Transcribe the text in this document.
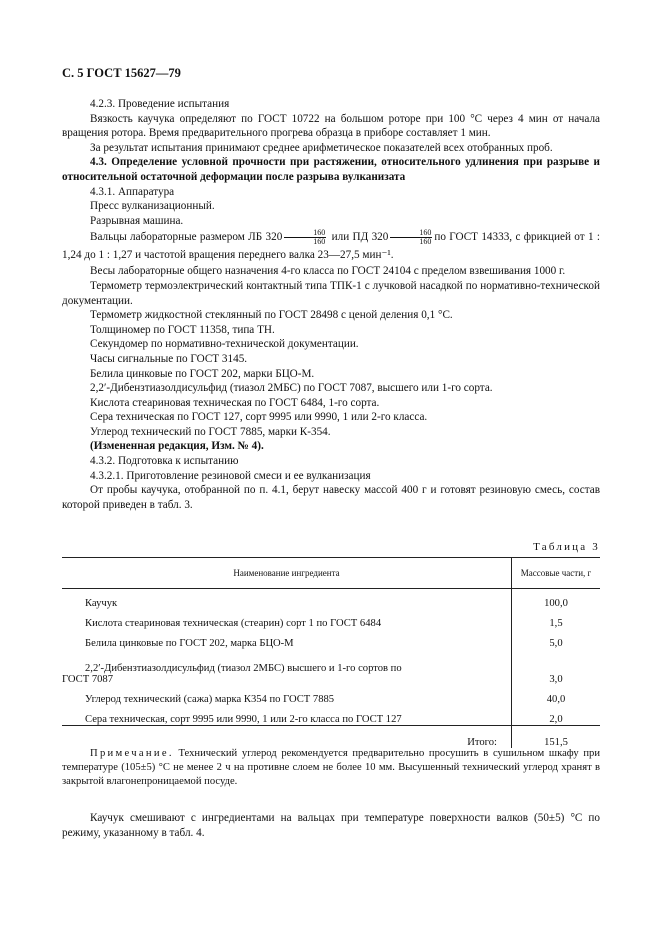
С. 5 ГОСТ 15627—79

4.2.3. Проведение испытания

Вязкость каучука определяют по ГОСТ 10722 на большом роторе при 100 °С через 4 мин от начала вращения ротора. Время предварительного прогрева образца в приборе составляет 1 мин.

За результат испытания принимают среднее арифметическое показателей всех отобранных проб.

4.3. Определение условной прочности при растяжении, относительного удлинения при разрыве и относительной остаточной деформации после разрыва вулканизата

4.3.1. Аппаратура

Пресс вулканизационный.

Разрывная машина.

Вальцы лабораторные размером ЛБ $320 \frac{160}{160}$ или ПД $320 \frac{160}{160}$ по ГОСТ 14333, с фрикцией от 1 : 1,24 до 1 : 1,27 и частотой вращения переднего валка 23—27,5 мин⁻¹.

Весы лабораторные общего назначения 4-го класса по ГОСТ 24104 с пределом взвешивания 1000 г.

Термометр термоэлектрический контактный типа ТПК-1 с лучковой насадкой по нормативно-технической документации.

Термометр жидкостной стеклянный по ГОСТ 28498 с ценой деления 0,1 °С.

Толщиномер по ГОСТ 11358, типа ТН.

Секундомер по нормативно-технической документации.

Часы сигнальные по ГОСТ 3145.

Белила цинковые по ГОСТ 202, марки БЦО-М.

2,2′-Дибензтиазолдисульфид (тиазол 2МБС) по ГОСТ 7087, высшего или 1-го сорта.

Кислота стеариновая техническая по ГОСТ 6484, 1-го сорта.

Сера техническая по ГОСТ 127, сорт 9995 или 9990, 1 или 2-го класса.

Углерод технический по ГОСТ 7885, марки К-354.

(Измененная редакция, Изм. № 4).

4.3.2. Подготовка к испытанию

4.3.2.1. Приготовление резиновой смеси и ее вулканизация

От пробы каучука, отобранной по п. 4.1, берут навеску массой 400 г и готовят резиновую смесь, состав которой приведен в табл. 3.

Таблица 3
Наименование ингредиента	Массовые части, г
Каучук	100,0
Кислота стеариновая техническая (стеарин) сорт 1 по ГОСТ 6484	1,5
Белила цинковые по ГОСТ 202, марка БЦО-М	5,0

2,2′-Дибензтиазолдисульфид (тиазол 2МБС) высшего и 1-го сортов по
ГОСТ 7087	3,0
Углерод технический (сажа) марка К354 по ГОСТ 7885	40,0
Сера техническая, сорт 9995 или 9990, 1 или 2-го класса по ГОСТ 127	2,0
Итого:	151,5
Примечание. Технический углерод рекомендуется предварительно просушить в сушильном шкафу при температуре (105±5) °С не менее 2 ч на противне слоем не более 10 мм. Высушенный технический углерод хранят в закрытой влагонепроницаемой посуде.
Каучук смешивают с ингредиентами на вальцах при температуре поверхности валков (50±5) °С по режиму, указанному в табл. 4.
